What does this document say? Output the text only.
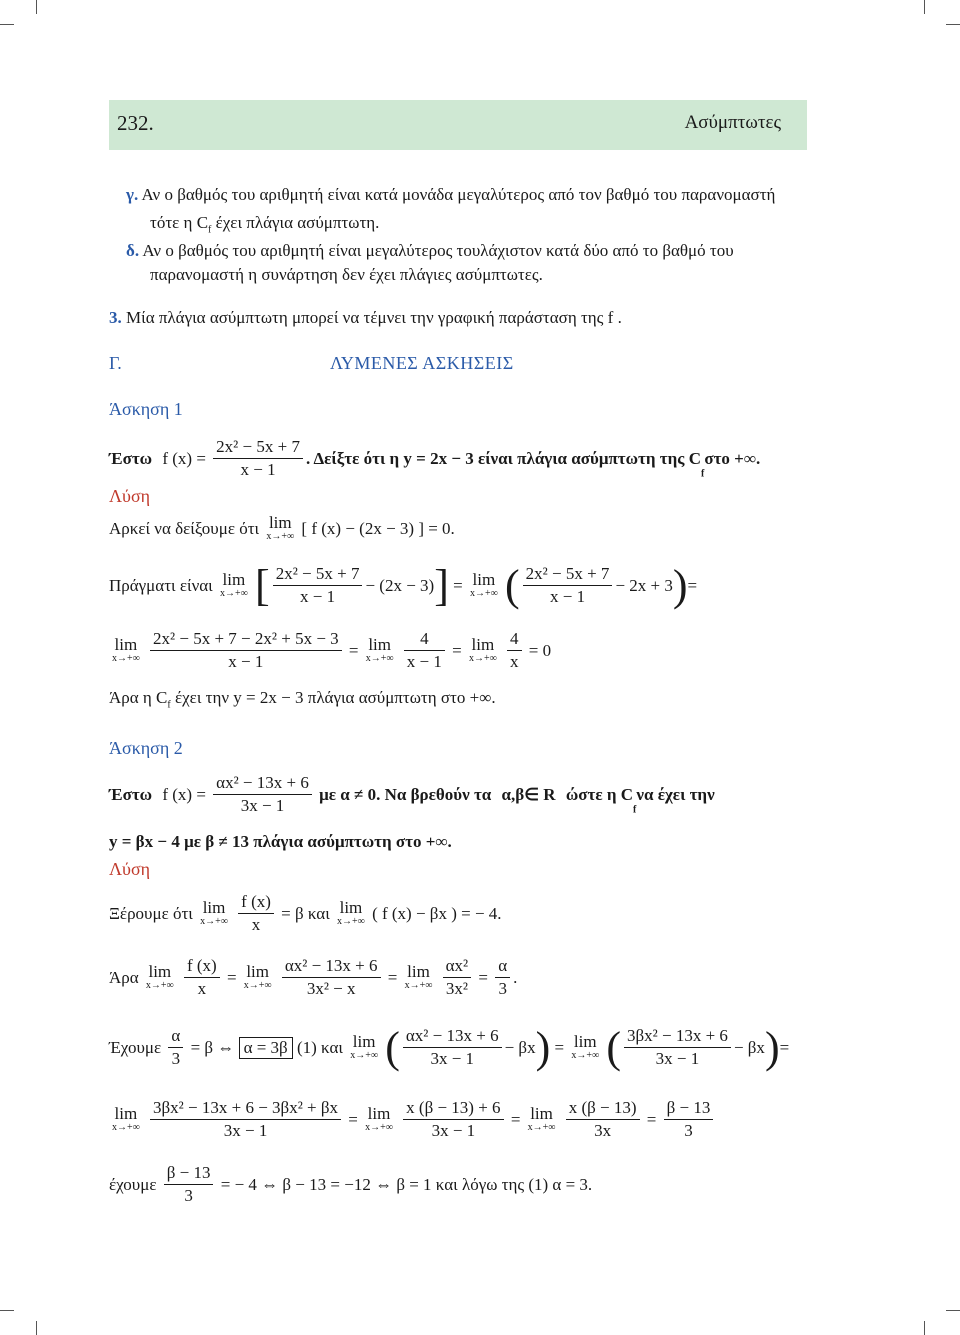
232.	Ασύμπτωτες
γ. Αν ο βαθμός του αριθμητή είναι κατά μονάδα μεγαλύτερος από τον βαθμό του παρανομαστή
τότε η $C_f$ έχει πλάγια ασύμπτωτη.
δ. Αν ο βαθμός του αριθμητή είναι μεγαλύτερος τουλάχιστον κατά δύο από το βαθμό του
παρανομαστή η συνάρτηση δεν έχει πλάγιες ασύμπτωτες.
3. Μία πλάγια ασύμπτωτη μπορεί να τέμνει την γραφική παράσταση της f .
Γ.	ΛΥΜΕΝΕΣ ΑΣΚΗΣΕΙΣ
Άσκηση 1
Έστω f $(x) = \frac{\text{2x² − 5x + 7}}{x - 1}$ . Δείξτε ότι η y = 2x − 3 είναι πλάγια ασύμπτωτη της $C_f\sigma\tau o$ +∞.
Λύση
Αρκεί να δείξουμε ότι lim
x→+∞ [ f (x) − (2x − 3) ] = 0.
Πράγματι είναι lim
x→+∞ [ $\frac{\text{2x² − 5x + 7}}{x - 1} - (2x - 3)] = \lim$
x→+∞ ( $\frac{\text{2x² − 5x + 7}}{x - 1} - 2x + 3)=$
lim
x→+∞
$\frac{\text{2x² − 5x + 7 − 2x² + 5x − 3}}{x - 1} = \lim$
x→+∞
$\frac{4}{x - 1} = \lim$
x→+∞
$\frac{4}{x} = 0$
Άρα η $C_f$ έχει την y = 2x − 3 πλάγια ασύμπτωτη στο +∞.
Άσκηση 2
Έστω f $(x) = \frac{\text{αx² − 13x + 6}}{3x - 1}$ με α ≠ 0. Να βρεθούν τα α,β∈ R ώστε η $C_f\nu\alpha$ έχει την
y = βx − 4 με β ≠ 13 πλάγια ασύμπτωτη στο +∞.
Λύση
Ξέρουμε ότι lim
x→+∞
$\frac{f (x)}{x} = \beta$ και lim
x→+∞ ( f (x) − βx ) = − 4.
Άρα lim
x→+∞
$\frac{f (x)}{x} = \lim$
x→+∞
$\frac{\text{αx² − 13x + 6}}{\text{3x² − x}} = \lim$
x→+∞
$\frac{\text{αx²}}{\text{3x²}} = \frac{\alpha}{3}$ .
Έχουμε $\frac{\alpha}{3} = \beta$ ⇔ α = 3β (1) και lim
x→+∞ ( $\frac{\text{αx² − 13x + 6}}{3x - 1} - \beta x) = \lim$
x→+∞ ( $\frac{\text{3βx² − 13x + 6}}{3x - 1} - \beta x)=$
lim
x→+∞
$\frac{\text{3βx² − 13x + 6 − 3βx² + βx}}{3x - 1} = \lim$
x→+∞
$\frac{x (\beta - 13) + 6}{3x - 1} = \lim$
x→+∞
$\frac{x (\beta - 13)}{3x} = \frac{\beta - 13}{3}$
έχουμε $\frac{\beta - 13}{3}$ = − 4 ⇔ β − 13 = −12 ⇔ β = 1 και λόγω της (1) α = 3.
